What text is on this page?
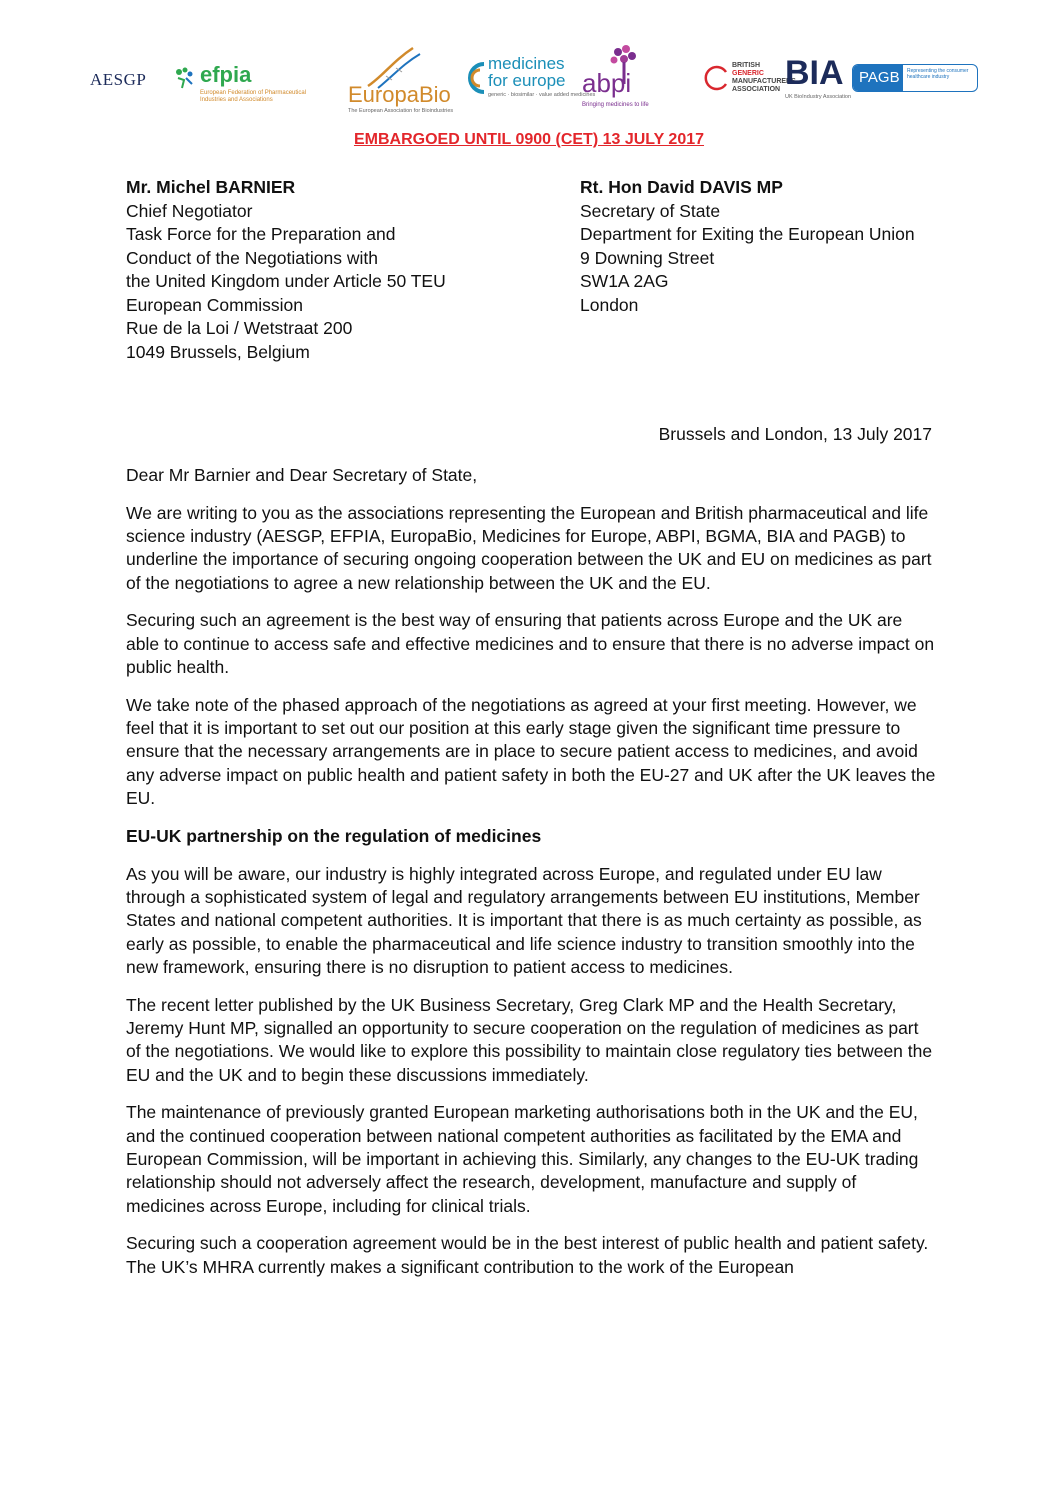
AESGP efpia
European Federation of Pharmaceutical Industries and Associations	EuropaBio
The European Association for Bioindustries
medicines
for europe
generic · biosimilar · value added medicines
abpi
Bringing medicines to life
BRITISH
GENERIC
MANUFACTURERS
ASSOCIATION BIA
UK BioIndustry Association
PAGB Representing the consumer healthcare industry
EMBARGOED UNTIL 0900 (CET) 13 JULY 2017
Mr. Michel BARNIER
Chief Negotiator
Task Force for the Preparation and
Conduct of the Negotiations with
the United Kingdom under Article 50 TEU
European Commission
Rue de la Loi / Wetstraat 200
1049 Brussels, Belgium
Rt. Hon David DAVIS MP
Secretary of State
Department for Exiting the European Union
9 Downing Street
SW1A 2AG
London
Brussels and London, 13 July 2017

Dear Mr Barnier and Dear Secretary of State,

We are writing to you as the associations representing the European and British pharmaceutical and life science industry (AESGP, EFPIA, EuropaBio, Medicines for Europe, ABPI, BGMA, BIA and PAGB) to underline the importance of securing ongoing cooperation between the UK and EU on medicines as part of the negotiations to agree a new relationship between the UK and the EU.

Securing such an agreement is the best way of ensuring that patients across Europe and the UK are able to continue to access safe and effective medicines and to ensure that there is no adverse impact on public health.

We take note of the phased approach of the negotiations as agreed at your first meeting. However, we feel that it is important to set out our position at this early stage given the significant time pressure to ensure that the necessary arrangements are in place to secure patient access to medicines, and avoid any adverse impact on public health and patient safety in both the EU-27 and UK after the UK leaves the EU.

EU-UK partnership on the regulation of medicines

As you will be aware, our industry is highly integrated across Europe, and regulated under EU law through a sophisticated system of legal and regulatory arrangements between EU institutions, Member States and national competent authorities. It is important that there is as much certainty as possible, as early as possible, to enable the pharmaceutical and life science industry to transition smoothly into the new framework, ensuring there is no disruption to patient access to medicines.

The recent letter published by the UK Business Secretary, Greg Clark MP and the Health Secretary, Jeremy Hunt MP, signalled an opportunity to secure cooperation on the regulation of medicines as part of the negotiations. We would like to explore this possibility to maintain close regulatory ties between the EU and the UK and to begin these discussions immediately.

The maintenance of previously granted European marketing authorisations both in the UK and the EU, and the continued cooperation between national competent authorities as facilitated by the EMA and European Commission, will be important in achieving this. Similarly, any changes to the EU-UK trading relationship should not adversely affect the research, development, manufacture and supply of medicines across Europe, including for clinical trials.

Securing such a cooperation agreement would be in the best interest of public health and patient safety. The UK’s MHRA currently makes a significant contribution to the work of the European
